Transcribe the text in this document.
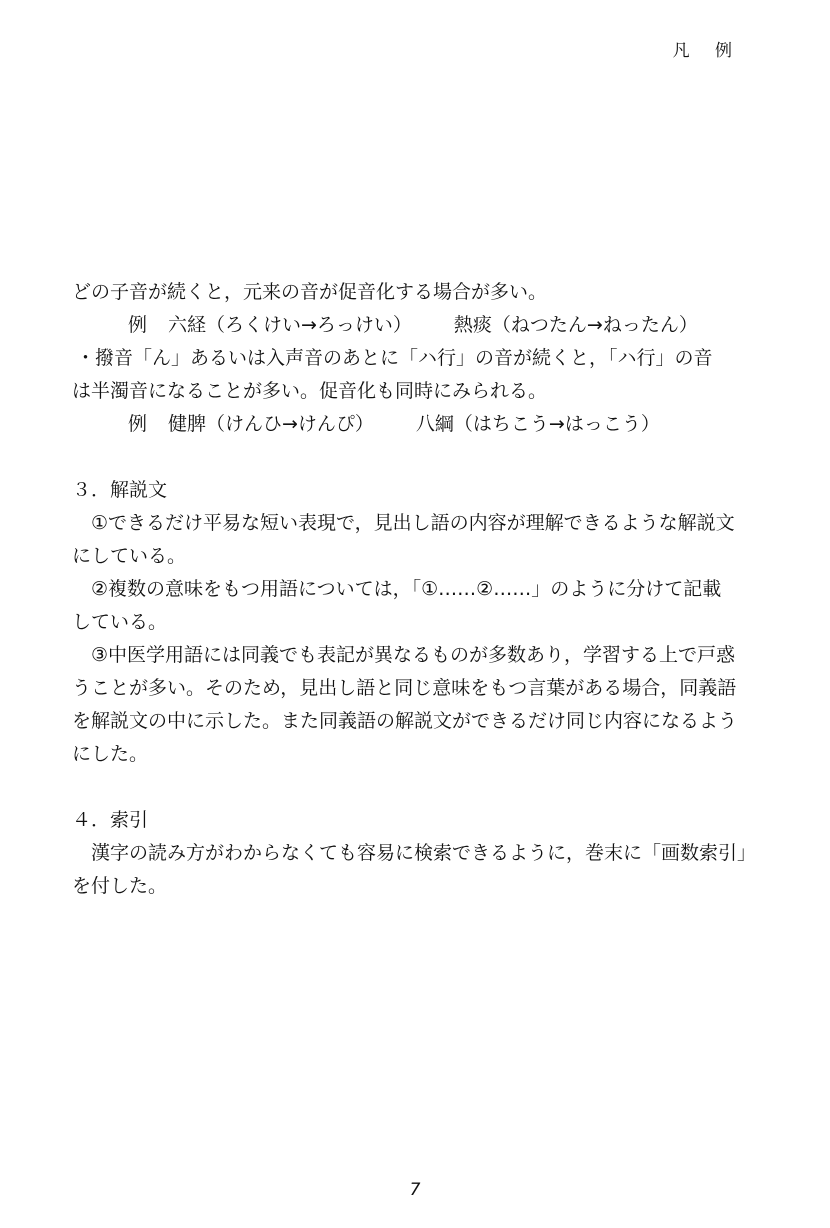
凡 例
どの子音が続くと，元来の音が促音化する場合が多い。
例 六経（ろくけい→ろっけい） 熱痰（ねつたん→ねったん）
・撥音「ん」あるいは入声音のあとに「ハ行」の音が続くと，「ハ行」の音
は半濁音になることが多い。促音化も同時にみられる。
例 健脾（けんひ→けんぴ） 八綱（はちこう→はっこう）
３．解説文
①できるだけ平易な短い表現で，見出し語の内容が理解できるような解説文
にしている。
②複数の意味をもつ用語については，「①……②……」のように分けて記載
している。
③中医学用語には同義でも表記が異なるものが多数あり，学習する上で戸惑
うことが多い。そのため，見出し語と同じ意味をもつ言葉がある場合，同義語
を解説文の中に示した。また同義語の解説文ができるだけ同じ内容になるよう
にした。
４．索引
漢字の読み方がわからなくても容易に検索できるように，巻末に「画数索引」
を付した。
7
